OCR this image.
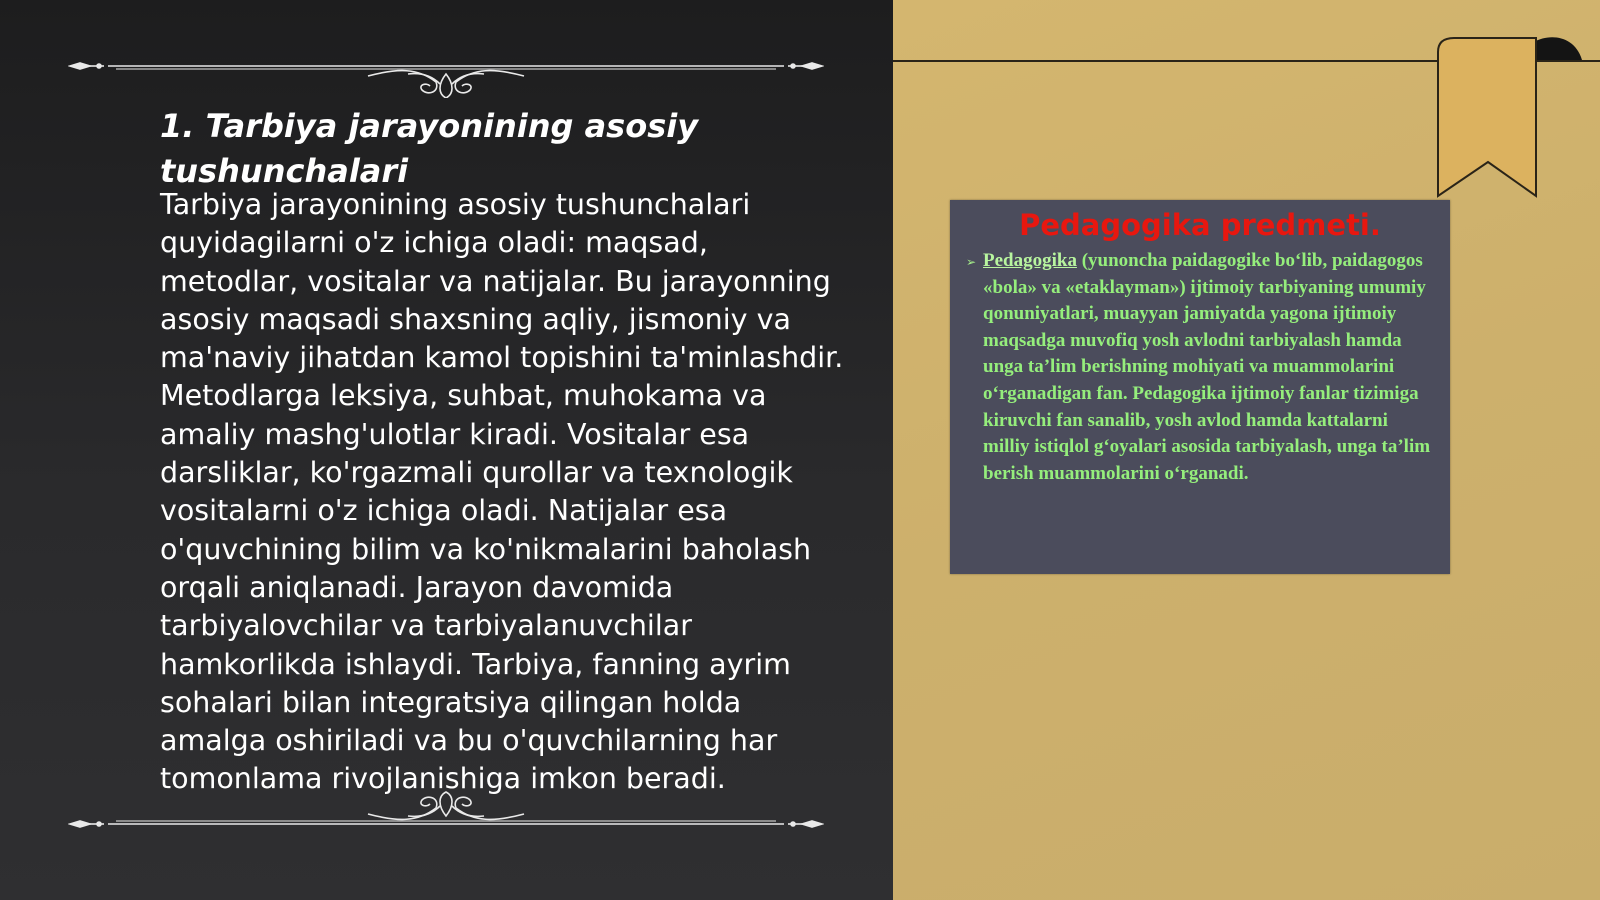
1. Tarbiya jarayonining asosiy tushunchalari

Tarbiya jarayonining asosiy tushunchalari quyidagilarni o'z ichiga oladi: maqsad, metodlar, vositalar va natijalar. Bu jarayonning asosiy maqsadi shaxsning aqliy, jismoniy va ma'naviy jihatdan kamol topishini ta'minlashdir. Metodlarga leksiya, suhbat, muhokama va amaliy mashg'ulotlar kiradi. Vositalar esa darsliklar, ko'rgazmali qurollar va texnologik vositalarni o'z ichiga oladi. Natijalar esa o'quvchining bilim va ko'nikmalarini baholash orqali aniqlanadi. Jarayon davomida tarbiyalovchilar va tarbiyalanuvchilar hamkorlikda ishlaydi. Tarbiya, fanning ayrim sohalari bilan integratsiya qilingan holda amalga oshiriladi va bu o'quvchilarning har tomonlama rivojlanishiga imkon beradi.

Pedagogika predmeti.
➢ Pedagogika (yunoncha paidagogike bo‘lib, paidagogos «bola» va «etaklayman») ijtimoiy tarbiyaning umumiy qonuniyatlari, muayyan jamiyatda yagona ijtimoiy maqsadga muvofiq yosh avlodni tarbiyalash hamda unga ta’lim berishning mohiyati va muammolarini o‘rganadigan fan. Pedagogika ijtimoiy fanlar tizimiga kiruvchi fan sanalib, yosh avlod hamda kattalarni milliy istiqlol g‘oyalari asosida tarbiyalash, unga ta’lim berish muammolarini o‘rganadi.
